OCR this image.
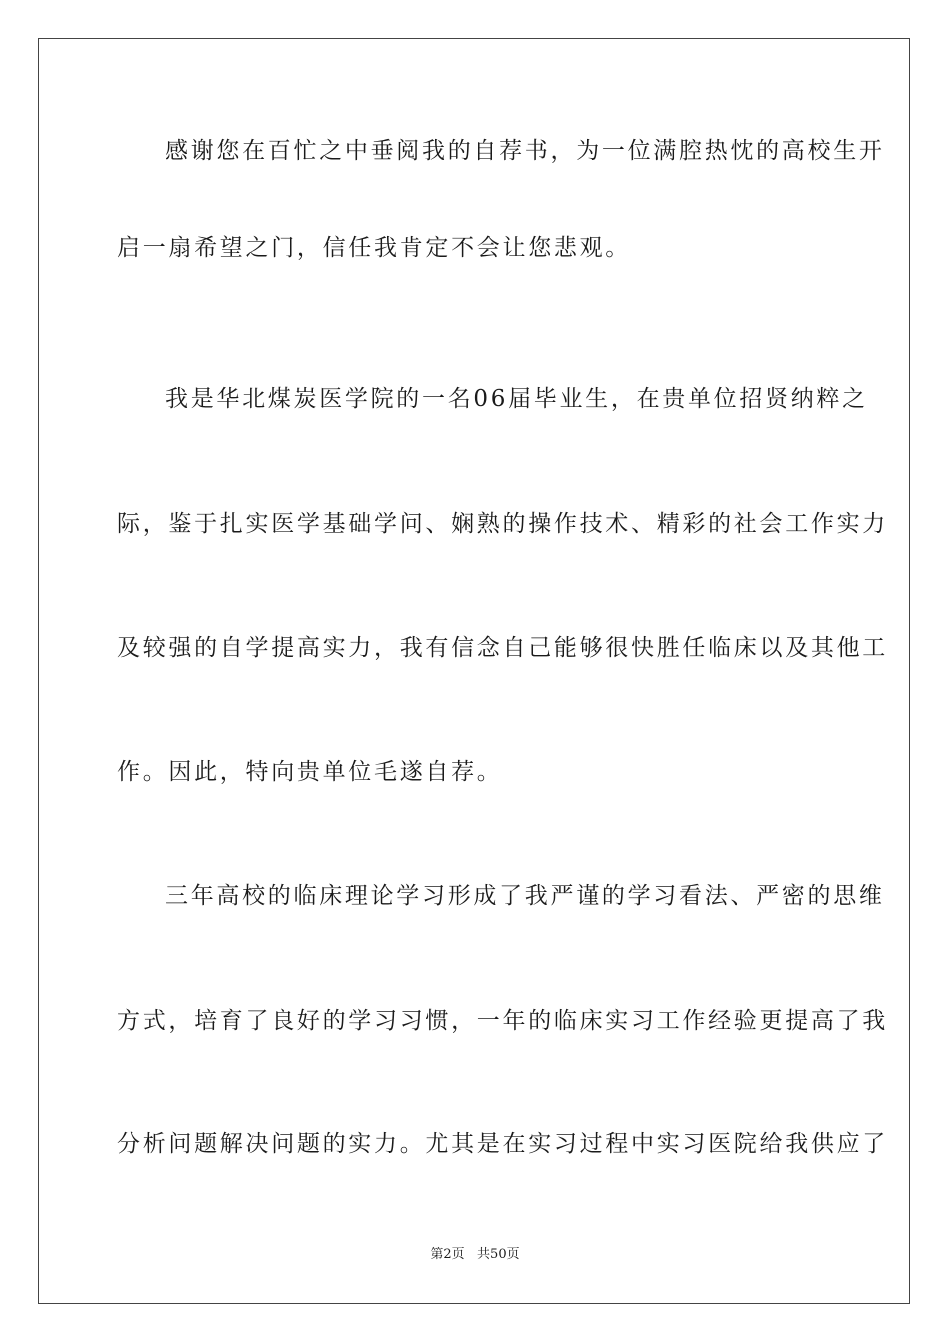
感谢您在百忙之中垂阅我的自荐书，为一位满腔热忱的高校生开
启一扇希望之门，信任我肯定不会让您悲观。
我是华北煤炭医学院的一名06届毕业生，在贵单位招贤纳粹之
际，鉴于扎实医学基础学问、娴熟的操作技术、精彩的社会工作实力
及较强的自学提高实力，我有信念自己能够很快胜任临床以及其他工
作。因此，特向贵单位毛遂自荐。
三年高校的临床理论学习形成了我严谨的学习看法、严密的思维
方式，培育了良好的学习习惯，一年的临床实习工作经验更提高了我
分析问题解决问题的实力。尤其是在实习过程中实习医院给我供应了
第2页   共50页
